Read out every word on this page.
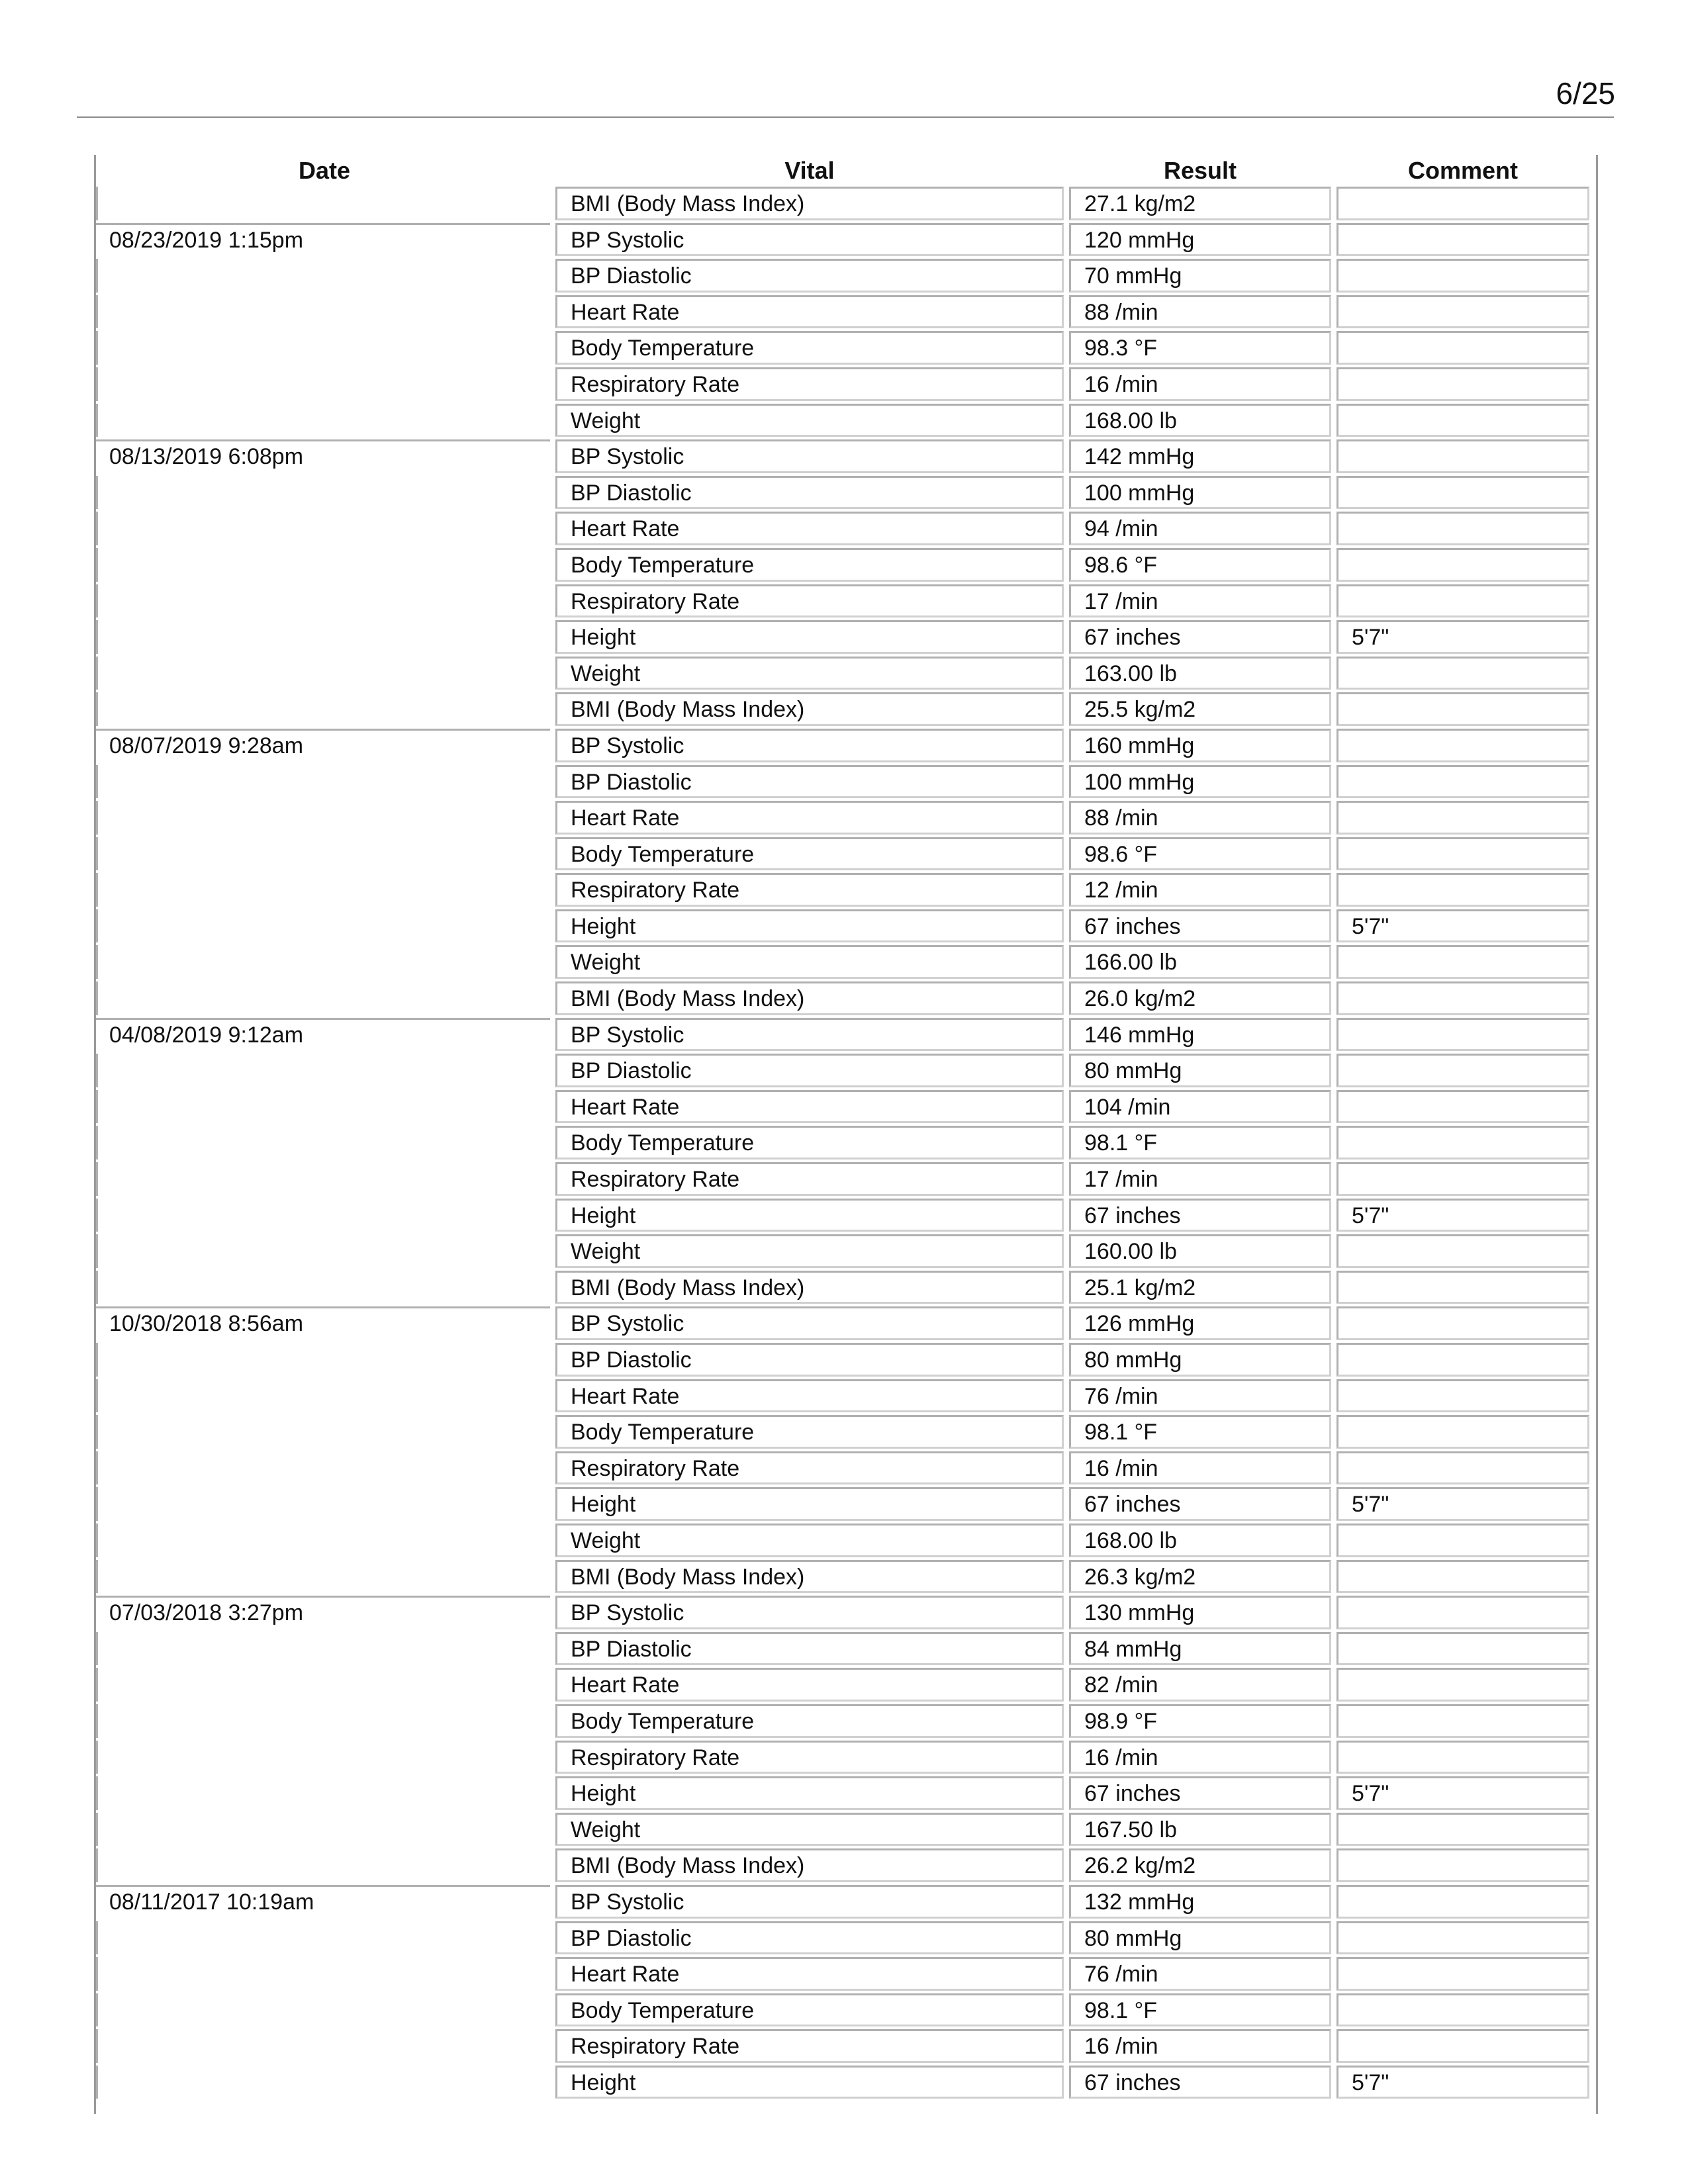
6/25
Date	Vital	Result	Comment
BMI (Body Mass Index)	27.1 kg/m2
08/23/2019 1:15pm	BP Systolic	120 mmHg
BP Diastolic	70 mmHg
Heart Rate	88 /min
Body Temperature	98.3 °F
Respiratory Rate	16 /min
Weight	168.00 lb
08/13/2019 6:08pm	BP Systolic	142 mmHg
BP Diastolic	100 mmHg
Heart Rate	94 /min
Body Temperature	98.6 °F
Respiratory Rate	17 /min
Height	67 inches	5'7"
Weight	163.00 lb
BMI (Body Mass Index)	25.5 kg/m2
08/07/2019 9:28am	BP Systolic	160 mmHg
BP Diastolic	100 mmHg
Heart Rate	88 /min
Body Temperature	98.6 °F
Respiratory Rate	12 /min
Height	67 inches	5'7"
Weight	166.00 lb
BMI (Body Mass Index)	26.0 kg/m2
04/08/2019 9:12am	BP Systolic	146 mmHg
BP Diastolic	80 mmHg
Heart Rate	104 /min
Body Temperature	98.1 °F
Respiratory Rate	17 /min
Height	67 inches	5'7"
Weight	160.00 lb
BMI (Body Mass Index)	25.1 kg/m2
10/30/2018 8:56am	BP Systolic	126 mmHg
BP Diastolic	80 mmHg
Heart Rate	76 /min
Body Temperature	98.1 °F
Respiratory Rate	16 /min
Height	67 inches	5'7"
Weight	168.00 lb
BMI (Body Mass Index)	26.3 kg/m2
07/03/2018 3:27pm	BP Systolic	130 mmHg
BP Diastolic	84 mmHg
Heart Rate	82 /min
Body Temperature	98.9 °F
Respiratory Rate	16 /min
Height	67 inches	5'7"
Weight	167.50 lb
BMI (Body Mass Index)	26.2 kg/m2
08/11/2017 10:19am	BP Systolic	132 mmHg
BP Diastolic	80 mmHg
Heart Rate	76 /min
Body Temperature	98.1 °F
Respiratory Rate	16 /min
Height	67 inches	5'7"
